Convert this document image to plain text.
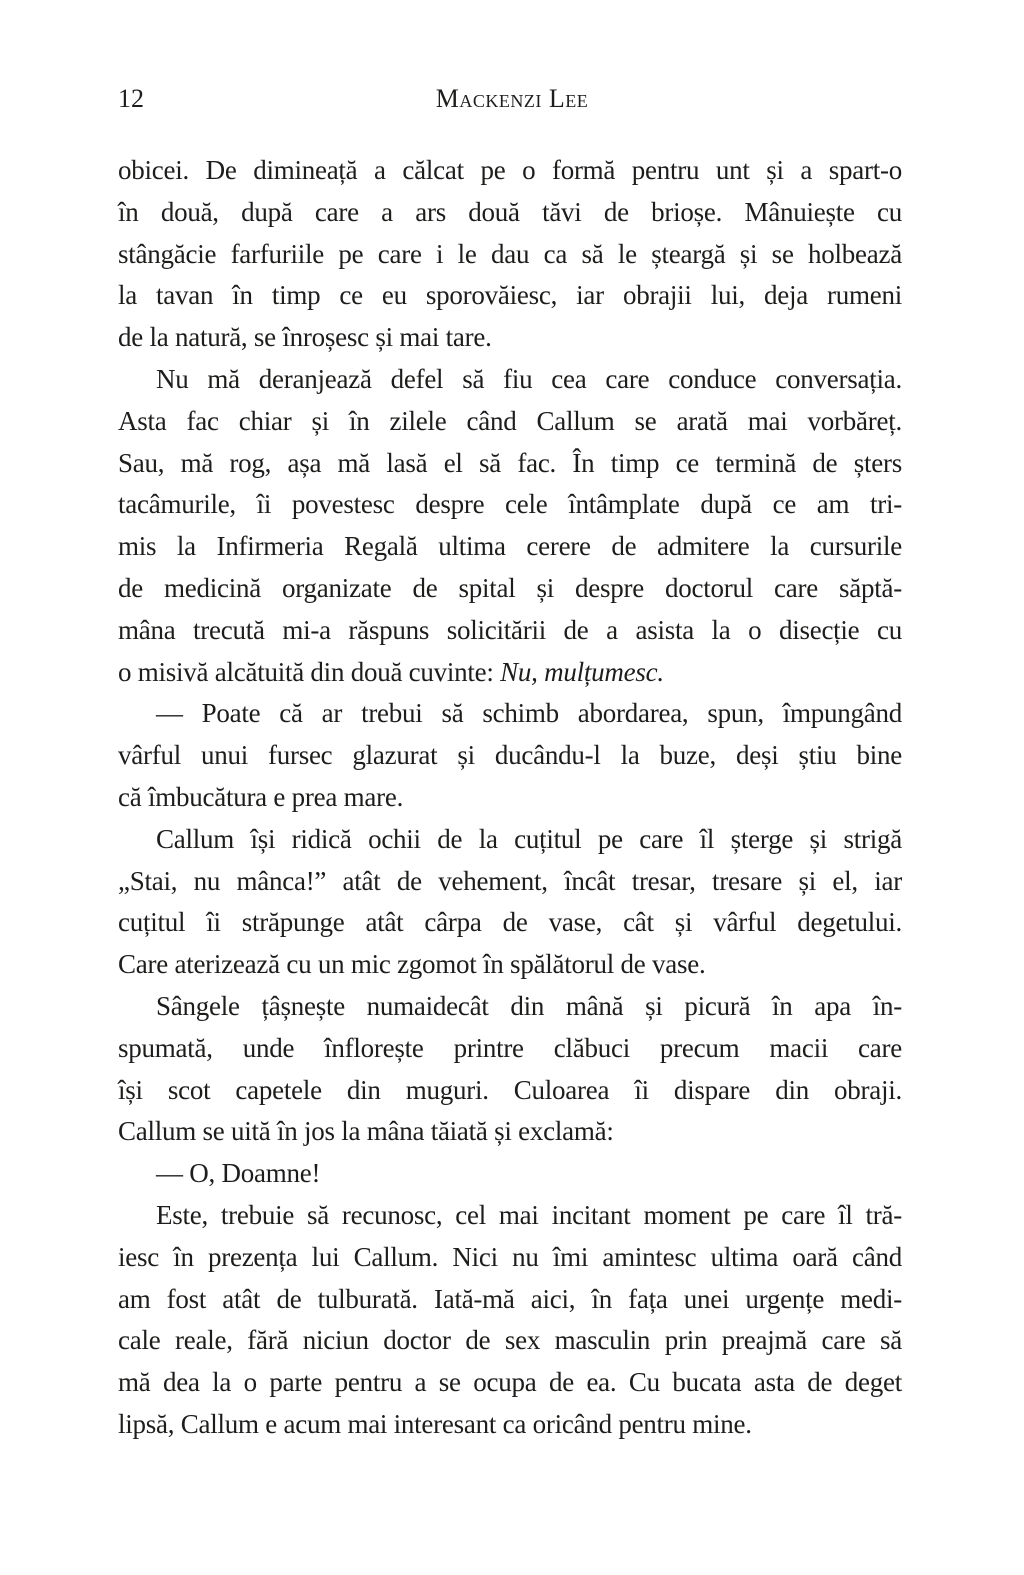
12	Mackenzi Lee
obicei. De dimineață a călcat pe o formă pentru unt și a spart-o
în două, după care a ars două tăvi de brioșe. Mânuiește cu
stângăcie farfuriile pe care i le dau ca să le șteargă și se holbează
la tavan în timp ce eu sporovăiesc, iar obrajii lui, deja rumeni
de la natură, se înroșesc și mai tare.
Nu mă deranjează defel să fiu cea care conduce conversația.
Asta fac chiar și în zilele când Callum se arată mai vorbăreț.
Sau, mă rog, așa mă lasă el să fac. În timp ce termină de șters
tacâmurile, îi povestesc despre cele întâmplate după ce am tri-
mis la Infirmeria Regală ultima cerere de admitere la cursurile
de medicină organizate de spital și despre doctorul care săptă-
mâna trecută mi-a răspuns solicitării de a asista la o disecție cu
o misivă alcătuită din două cuvinte: Nu, mulțumesc.
— Poate că ar trebui să schimb abordarea, spun, împungând
vârful unui fursec glazurat și ducându-l la buze, deși știu bine
că îmbucătura e prea mare.
Callum își ridică ochii de la cuțitul pe care îl șterge și strigă
„Stai, nu mânca!” atât de vehement, încât tresar, tresare și el, iar
cuțitul îi străpunge atât cârpa de vase, cât și vârful degetului.
Care aterizează cu un mic zgomot în spălătorul de vase.
Sângele țâșnește numaidecât din mână și picură în apa în-
spumată, unde înflorește printre clăbuci precum macii care
își scot capetele din muguri. Culoarea îi dispare din obraji.
Callum se uită în jos la mâna tăiată și exclamă:
— O, Doamne!
Este, trebuie să recunosc, cel mai incitant moment pe care îl tră-
iesc în prezența lui Callum. Nici nu îmi amintesc ultima oară când
am fost atât de tulburată. Iată-mă aici, în fața unei urgențe medi-
cale reale, fără niciun doctor de sex masculin prin preajmă care să
mă dea la o parte pentru a se ocupa de ea. Cu bucata asta de deget
lipsă, Callum e acum mai interesant ca oricând pentru mine.
